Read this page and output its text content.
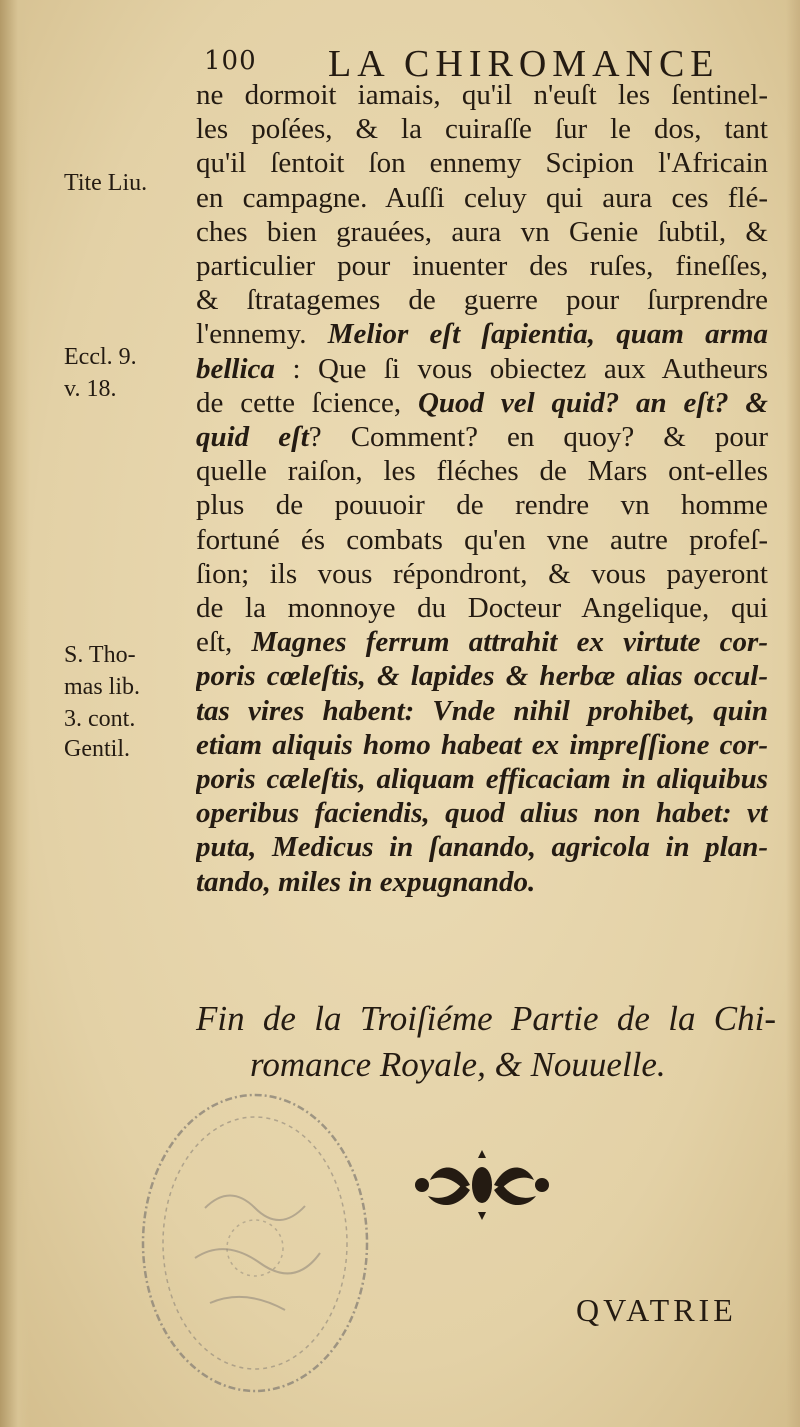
100 LA CHIROMANCE
Tite Liu.
Eccl. 9.
v. 18.
S. Tho-
mas lib.
3. cont.
Gentil.
ne dormoit iamais, qu'il n'euſt les ſentinel-
les poſées, & la cuiraſſe ſur le dos, tant
qu'il ſentoit ſon ennemy Scipion l'Africain
en campagne. Auſſi celuy qui aura ces flé-
ches bien grauées, aura vn Genie ſubtil, &
particulier pour inuenter des ruſes, fineſſes,
& ſtratagemes de guerre pour ſurprendre
l'ennemy. Melior eſt ſapientia, quam arma
bellica : Que ſi vous obiectez aux Autheurs
de cette ſcience, Quod vel quid? an eſt? &
quid eſt? Comment? en quoy? & pour
quelle raiſon, les fléches de Mars ont-elles
plus de pouuoir de rendre vn homme
fortuné és combats qu'en vne autre profeſ-
ſion; ils vous répondront, & vous payeront
de la monnoye du Docteur Angelique, qui
eſt, Magnes ferrum attrahit ex virtute cor-
poris cœleſtis, & lapides & herbæ alias occul-
tas vires habent: Vnde nihil prohibet, quin
etiam aliquis homo habeat ex impreſſione cor-
poris cæleſtis, aliquam efficaciam in aliquibus
operibus faciendis, quod alius non habet: vt
puta, Medicus in ſanando, agricola in plan-
tando, miles in expugnando.
Fin de la Troiſiéme Partie de la Chi-
romance Royale, & Nouuelle.
QVATRIE
